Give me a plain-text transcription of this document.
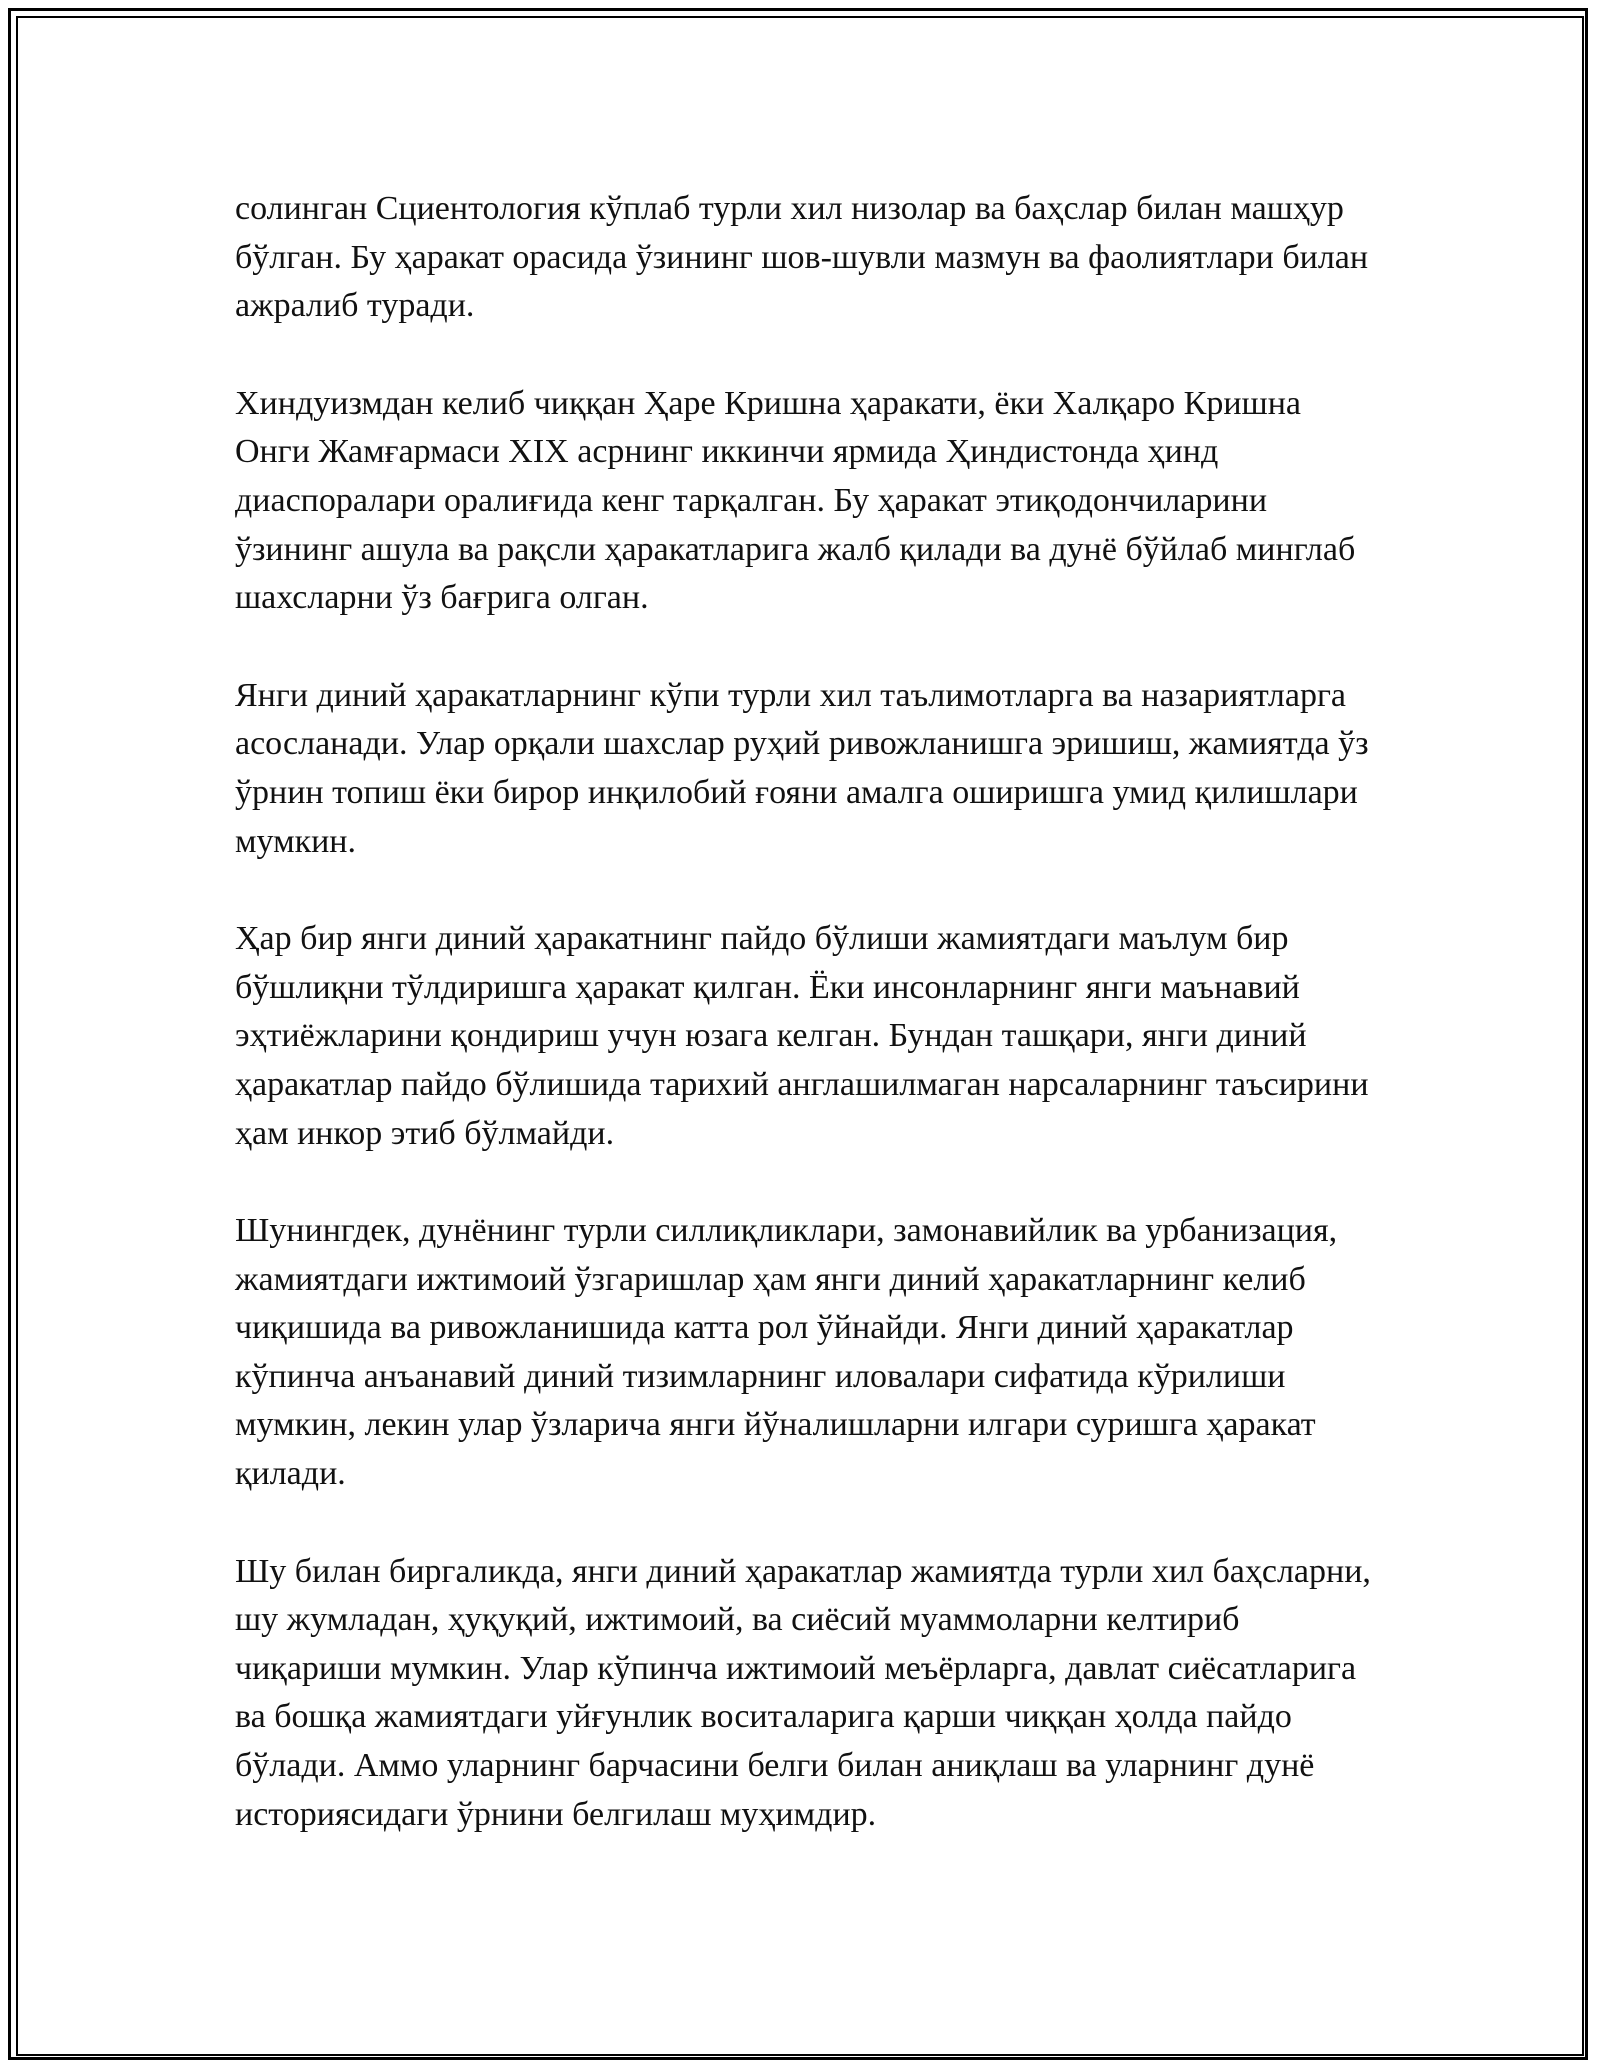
солинган Сциентология кўплаб турли хил низолар ва баҳслар билан машҳур бўлган. Бу ҳаракат орасида ўзининг шов-шувли мазмун ва фаолиятлари билан ажралиб туради.

Хиндуизмдан келиб чиққан Ҳаре Кришна ҳаракати, ёки Халқаро Кришна Онги Жамғармаси XIX асрнинг иккинчи ярмида Ҳиндистонда ҳинд диаспоралари оралиғида кенг тарқалган. Бу ҳаракат этиқодончиларини ўзининг ашула ва рақсли ҳаракатларига жалб қилади ва дунё бўйлаб минглаб шахсларни ўз бағрига олган.

Янги диний ҳаракатларнинг кўпи турли хил таълимотларга ва назариятларга асосланади. Улар орқали шахслар руҳий ривожланишга эришиш, жамиятда ўз ўрнин топиш ёки бирор инқилобий ғояни амалга оширишга умид қилишлари мумкин.

Ҳар бир янги диний ҳаракатнинг пайдо бўлиши жамиятдаги маълум бир бўшлиқни тўлдиришга ҳаракат қилган. Ёки инсонларнинг янги маънавий эҳтиёжларини қондириш учун юзага келган. Бундан ташқари, янги диний ҳаракатлар пайдо бўлишида тарихий англашилмаган нарсаларнинг таъсирини ҳам инкор этиб бўлмайди.

Шунингдек, дунёнинг турли силлиқликлари, замонавийлик ва урбанизация, жамиятдаги ижтимоий ўзгаришлар ҳам янги диний ҳаракатларнинг келиб чиқишида ва ривожланишида катта рол ўйнайди. Янги диний ҳаракатлар кўпинча анъанавий диний тизимларнинг иловалари сифатида кўрилиши мумкин, лекин улар ўзларича янги йўналишларни илгари суришга ҳаракат қилади.

Шу билан биргаликда, янги диний ҳаракатлар жамиятда турли хил баҳсларни, шу жумладан, ҳуқуқий, ижтимоий, ва сиёсий муаммоларни келтириб чиқариши мумкин. Улар кўпинча ижтимоий меъёрларга, давлат сиёсатларига ва бошқа жамиятдаги уйғунлик воситаларига қарши чиққан ҳолда пайдо бўлади. Аммо уларнинг барчасини белги билан аниқлаш ва уларнинг дунё историясидаги ўрнини белгилаш муҳимдир.
